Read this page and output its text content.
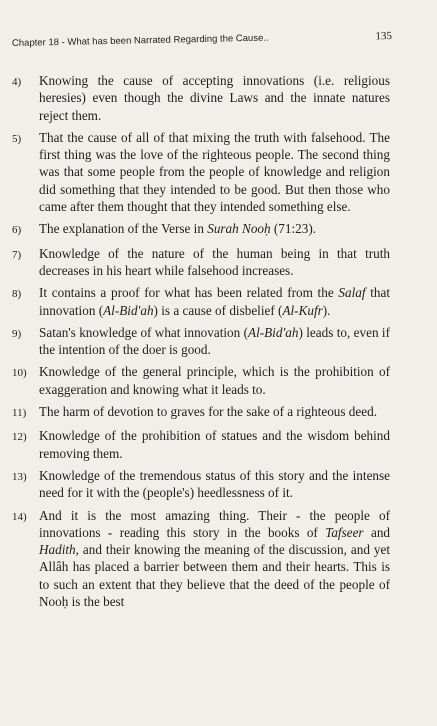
Chapter 18 - What has been Narrated Regarding the Cause..	135
4)	Knowing the cause of accepting innovations (i.e. religious heresies) even though the divine Laws and the innate natures reject them.
5)	That the cause of all of that mixing the truth with falsehood. The first thing was the love of the righteous people. The second thing was that some people from the people of knowledge and religion did something that they intended to be good. But then those who came after them thought that they intended something else.
6)	The explanation of the Verse in Surah Nooḥ (71:23).
7)	Knowledge of the nature of the human being in that truth decreases in his heart while falsehood increases.
8)	It contains a proof for what has been related from the Salaf that innovation (Al-Bid'ah) is a cause of disbelief (Al-Kufr).
9)	Satan's knowledge of what innovation (Al-Bid'ah) leads to, even if the intention of the doer is good.
10) Knowledge of the general principle, which is the prohibition of exaggeration and knowing what it leads to.
11) The harm of devotion to graves for the sake of a righteous deed.
12) Knowledge of the prohibition of statues and the wisdom behind removing them.
13) Knowledge of the tremendous status of this story and the intense need for it with the (people's) heedlessness of it.
14) And it is the most amazing thing. Their - the people of innovations - reading this story in the books of Tafseer and Hadith, and their knowing the meaning of the discussion, and yet Allâh has placed a barrier between them and their hearts. This is to such an extent that they believe that the deed of the people of Nooḥ is the best
